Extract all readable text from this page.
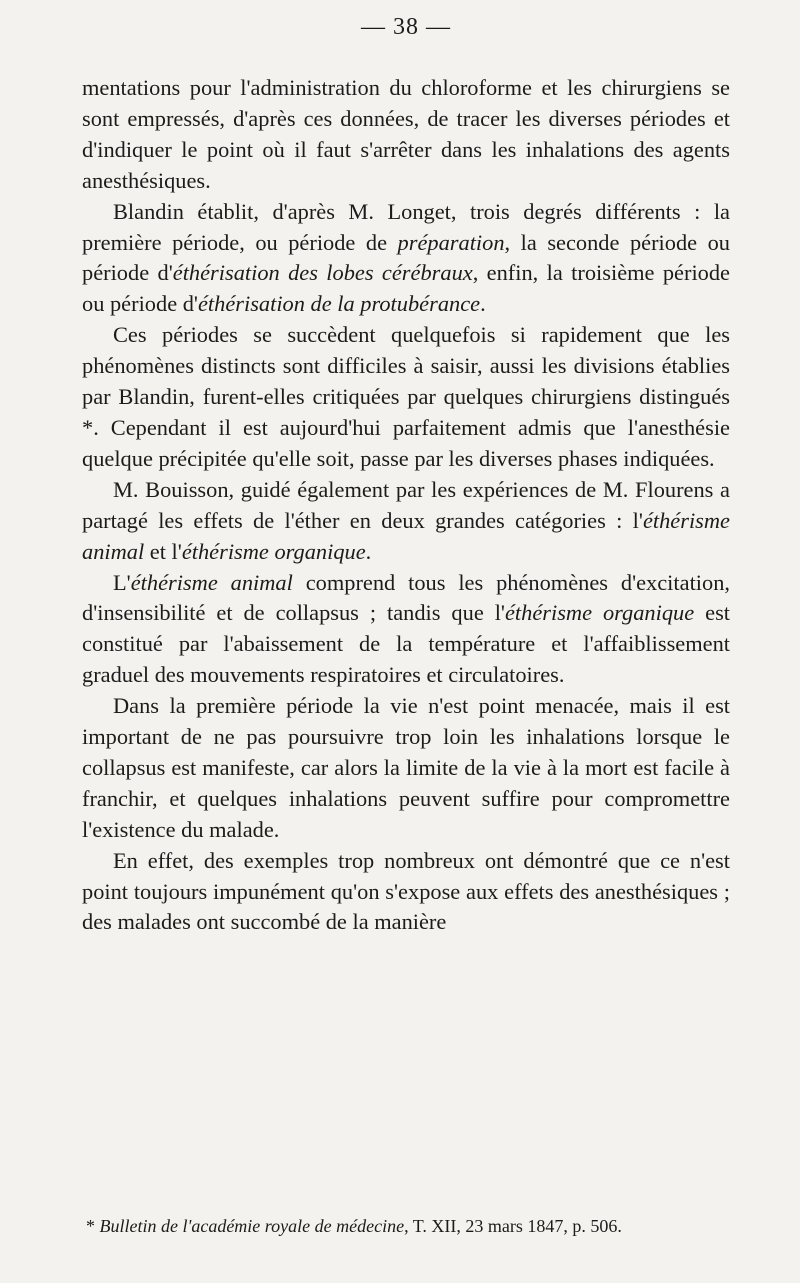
— 38 —

mentations pour l'administration du chloroforme et les chirurgiens se sont empressés, d'après ces données, de tracer les diverses périodes et d'indiquer le point où il faut s'arrêter dans les inhalations des agents anesthésiques.

Blandin établit, d'après M. Longet, trois degrés différents : la première période, ou période de préparation, la seconde période ou période d'éthérisation des lobes cérébraux, enfin, la troisième période ou période d'éthérisation de la protubérance.

Ces périodes se succèdent quelquefois si rapidement que les phénomènes distincts sont difficiles à saisir, aussi les divisions établies par Blandin, furent-elles critiquées par quelques chirurgiens distingués *. Cependant il est aujourd'hui parfaitement admis que l'anesthésie quelque précipitée qu'elle soit, passe par les diverses phases indiquées.

M. Bouisson, guidé également par les expériences de M. Flourens a partagé les effets de l'éther en deux grandes catégories : l'éthérisme animal et l'éthérisme organique.

L'éthérisme animal comprend tous les phénomènes d'excitation, d'insensibilité et de collapsus ; tandis que l'éthérisme organique est constitué par l'abaissement de la température et l'affaiblissement graduel des mouvements respiratoires et circulatoires.

Dans la première période la vie n'est point menacée, mais il est important de ne pas poursuivre trop loin les inhalations lorsque le collapsus est manifeste, car alors la limite de la vie à la mort est facile à franchir, et quelques inhalations peuvent suffire pour compromettre l'existence du malade.

En effet, des exemples trop nombreux ont démontré que ce n'est point toujours impunément qu'on s'expose aux effets des anesthésiques ; des malades ont succombé de la manière

* Bulletin de l'académie royale de médecine, T. XII, 23 mars 1847, p. 506.
